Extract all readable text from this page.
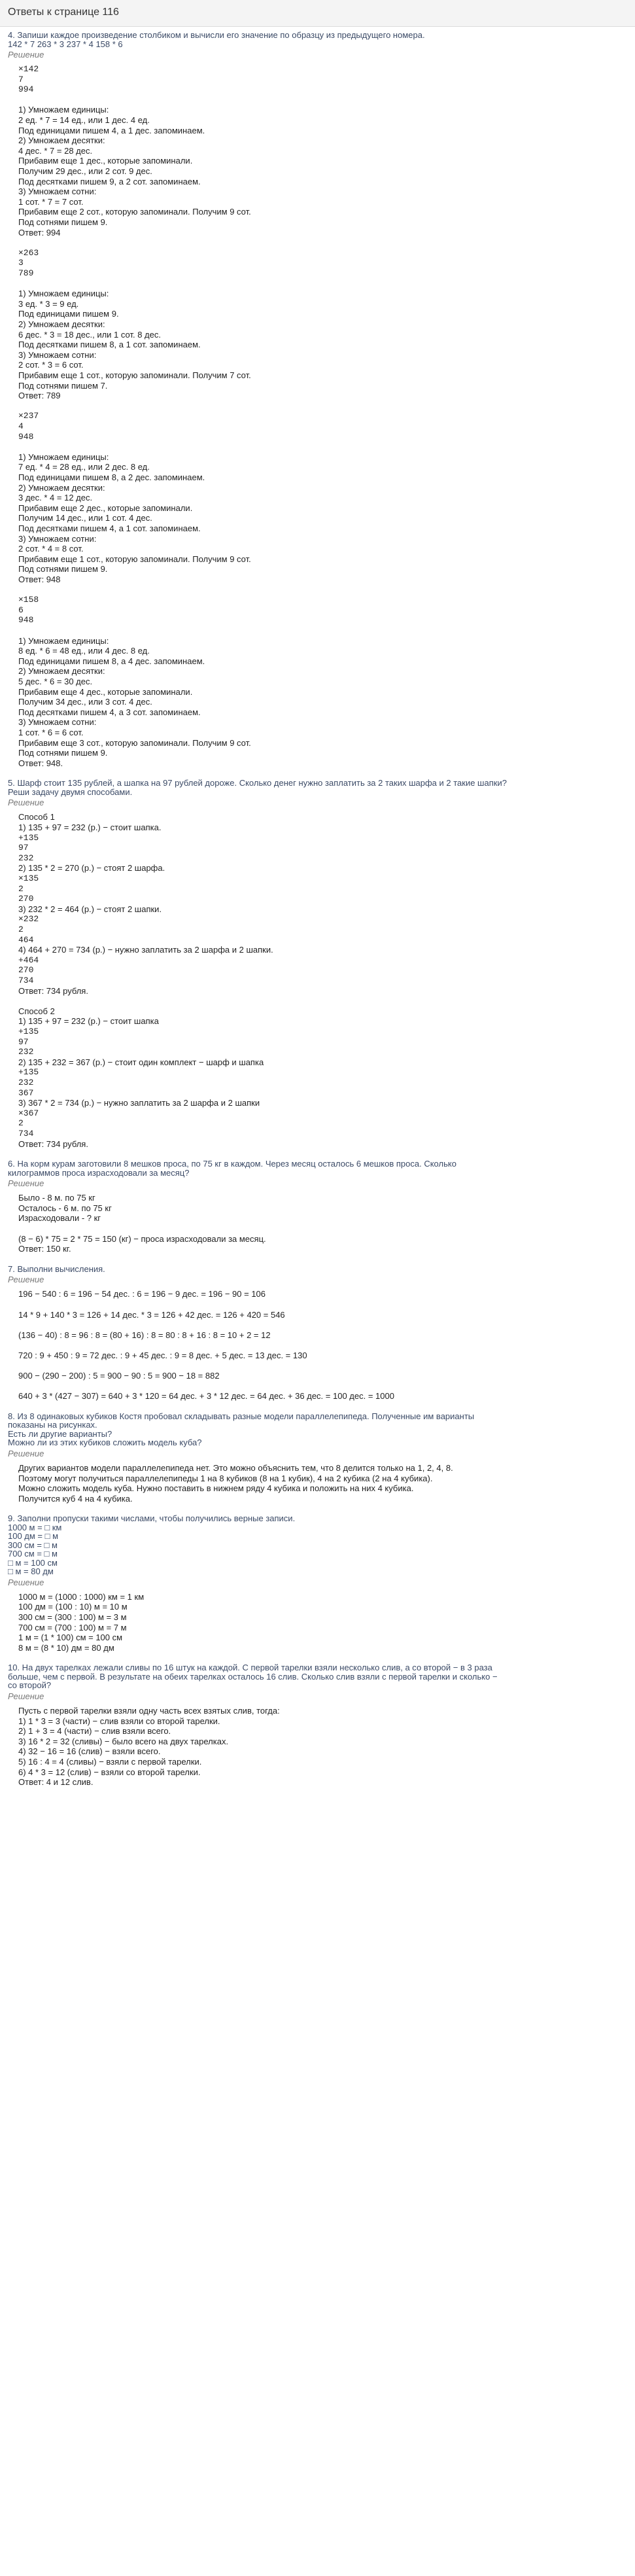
Ответы к странице 116
4. Запиши каждое произведение столбиком и вычисли его значение по образцу из предыдущего номера.
142 * 7 263 * 3 237 * 4 158 * 6
Решение
×142
7
994
1) Умножаем единицы:
2 ед. * 7 = 14 ед., или 1 дес. 4 ед.
Под единицами пишем 4, а 1 дес. запоминаем.
2) Умножаем десятки:
4 дес. * 7 = 28 дес.
Прибавим еще 1 дес., которые запоминали.
Получим 29 дес., или 2 сот. 9 дес.
Под десятками пишем 9, а 2 сот. запоминаем.
3) Умножаем сотни:
1 сот. * 7 = 7 сот.
Прибавим еще 2 сот., которую запоминали. Получим 9 сот.
Под сотнями пишем 9.
Ответ: 994
×263
3
789
1) Умножаем единицы:
3 ед. * 3 = 9 ед.
Под единицами пишем 9.
2) Умножаем десятки:
6 дес. * 3 = 18 дес., или 1 сот. 8 дес.
Под десятками пишем 8, а 1 сот. запоминаем.
3) Умножаем сотни:
2 сот. * 3 = 6 сот.
Прибавим еще 1 сот., которую запоминали. Получим 7 сот.
Под сотнями пишем 7.
Ответ: 789
×237
4
948
1) Умножаем единицы:
7 ед. * 4 = 28 ед., или 2 дес. 8 ед.
Под единицами пишем 8, а 2 дес. запоминаем.
2) Умножаем десятки:
3 дес. * 4 = 12 дес.
Прибавим еще 2 дес., которые запоминали.
Получим 14 дес., или 1 сот. 4 дес.
Под десятками пишем 4, а 1 сот. запоминаем.
3) Умножаем сотни:
2 сот. * 4 = 8 сот.
Прибавим еще 1 сот., которую запоминали. Получим 9 сот.
Под сотнями пишем 9.
Ответ: 948
×158
6
948
1) Умножаем единицы:
8 ед. * 6 = 48 ед., или 4 дес. 8 ед.
Под единицами пишем 8, а 4 дес. запоминаем.
2) Умножаем десятки:
5 дес. * 6 = 30 дес.
Прибавим еще 4 дес., которые запоминали.
Получим 34 дес., или 3 сот. 4 дес.
Под десятками пишем 4, а 3 сот. запоминаем.
3) Умножаем сотни:
1 сот. * 6 = 6 сот.
Прибавим еще 3 сот., которую запоминали. Получим 9 сот.
Под сотнями пишем 9.
Ответ: 948.
5. Шарф стоит 135 рублей, а шапка на 97 рублей дороже. Сколько денег нужно заплатить за 2 таких шарфа и 2 такие шапки?
Реши задачу двумя способами.
Решение
Способ 1
1) 135 + 97 = 232 (р.) − стоит шапка.
+135
97
232
2) 135 * 2 = 270 (р.) − стоят 2 шарфа.
×135
2
270
3) 232 * 2 = 464 (р.) − стоят 2 шапки.
×232
2
464
4) 464 + 270 = 734 (р.) − нужно заплатить за 2 шарфа и 2 шапки.
+464
270
734
Ответ: 734 рубля.
Способ 2
1) 135 + 97 = 232 (р.) − стоит шапка
+135
97
232
2) 135 + 232 = 367 (р.) − стоит один комплект − шарф и шапка
+135
232
367
3) 367 * 2 = 734 (р.) − нужно заплатить за 2 шарфа и 2 шапки
×367
2
734
Ответ: 734 рубля.
6. На корм курам заготовили 8 мешков проса, по 75 кг в каждом. Через месяц осталось 6 мешков проса. Сколько
килограммов проса израсходовали за месяц?
Решение
Было - 8 м. по 75 кг
Осталось - 6 м. по 75 кг
Израсходовали - ? кг
(8 − 6) * 75 = 2 * 75 = 150 (кг) − проса израсходовали за месяц.
Ответ: 150 кг.
7. Выполни вычисления.
Решение
196 − 540 : 6 = 196 − 54 дес. : 6 = 196 − 9 дес. = 196 − 90 = 106
14 * 9 + 140 * 3 = 126 + 14 дес. * 3 = 126 + 42 дес. = 126 + 420 = 546
(136 − 40) : 8 = 96 : 8 = (80 + 16) : 8 = 80 : 8 + 16 : 8 = 10 + 2 = 12
720 : 9 + 450 : 9 = 72 дес. : 9 + 45 дес. : 9 = 8 дес. + 5 дес. = 13 дес. = 130
900 − (290 − 200) : 5 = 900 − 90 : 5 = 900 − 18 = 882
640 + 3 * (427 − 307) = 640 + 3 * 120 = 64 дес. + 3 * 12 дес. = 64 дес. + 36 дес. = 100 дес. = 1000
8. Из 8 одинаковых кубиков Костя пробовал складывать разные модели параллелепипеда. Полученные им варианты
показаны на рисунках.
Есть ли другие варианты?
Можно ли из этих кубиков сложить модель куба?
Решение
Других вариантов модели параллелепипеда нет. Это можно объяснить тем, что 8 делится только на 1, 2, 4, 8.
Поэтому могут получиться параллелепипеды 1 на 8 кубиков (8 на 1 кубик), 4 на 2 кубика (2 на 4 кубика).
Можно сложить модель куба. Нужно поставить в нижнем ряду 4 кубика и положить на них 4 кубика.
Получится куб 4 на 4 кубика.
9. Заполни пропуски такими числами, чтобы получились верные записи.
1000 м = □ км
100 дм = □ м
300 см = □ м
700 см = □ м
□ м = 100 см
□ м = 80 дм
Решение
1000 м = (1000 : 1000) км = 1 км
100 дм = (100 : 10) м = 10 м
300 см = (300 : 100) м = 3 м
700 см = (700 : 100) м = 7 м
1 м = (1 * 100) см = 100 см
8 м = (8 * 10) дм = 80 дм
10. На двух тарелках лежали сливы по 16 штук на каждой. С первой тарелки взяли несколько слив, а со второй − в 3 раза
больше, чем с первой. В результате на обеих тарелках осталось 16 слив. Сколько слив взяли с первой тарелки и сколько −
со второй?
Решение
Пусть с первой тарелки взяли одну часть всех взятых слив, тогда:
1) 1 * 3 = 3 (части) − слив взяли со второй тарелки.
2) 1 + 3 = 4 (части) − слив взяли всего.
3) 16 * 2 = 32 (сливы) − было всего на двух тарелках.
4) 32 − 16 = 16 (слив) − взяли всего.
5) 16 : 4 = 4 (сливы) − взяли с первой тарелки.
6) 4 * 3 = 12 (слив) − взяли со второй тарелки.
Ответ: 4 и 12 слив.
